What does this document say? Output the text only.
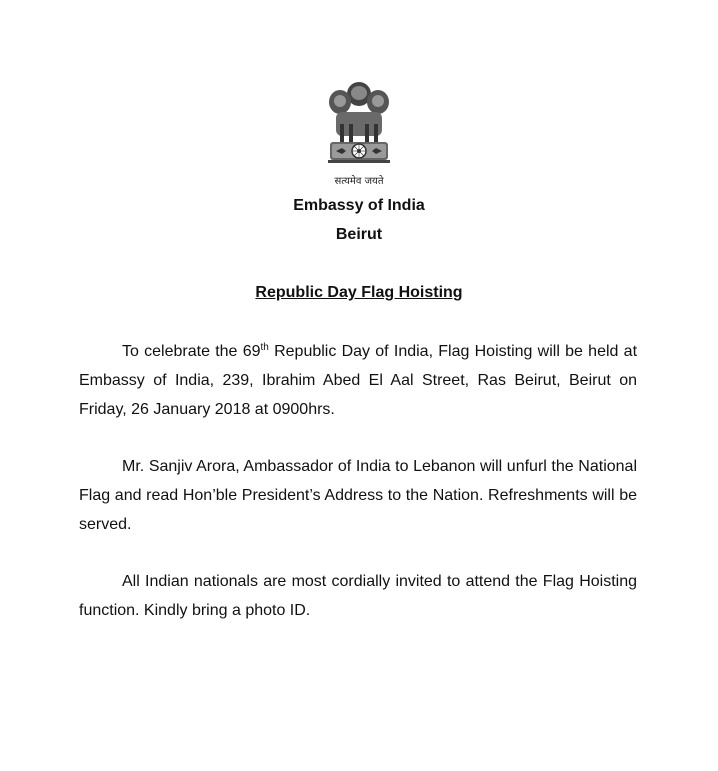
सत्यमेव जयते
Embassy of India
Beirut
Republic Day Flag Hoisting

To celebrate the 69th Republic Day of India, Flag Hoisting will be held at Embassy of India, 239, Ibrahim Abed El Aal Street, Ras Beirut, Beirut on Friday, 26 January 2018 at 0900hrs.

Mr. Sanjiv Arora, Ambassador of India to Lebanon will unfurl the National Flag and read Hon’ble President’s Address to the Nation. Refreshments will be served.

All Indian nationals are most cordially invited to attend the Flag Hoisting function. Kindly bring a photo ID.
